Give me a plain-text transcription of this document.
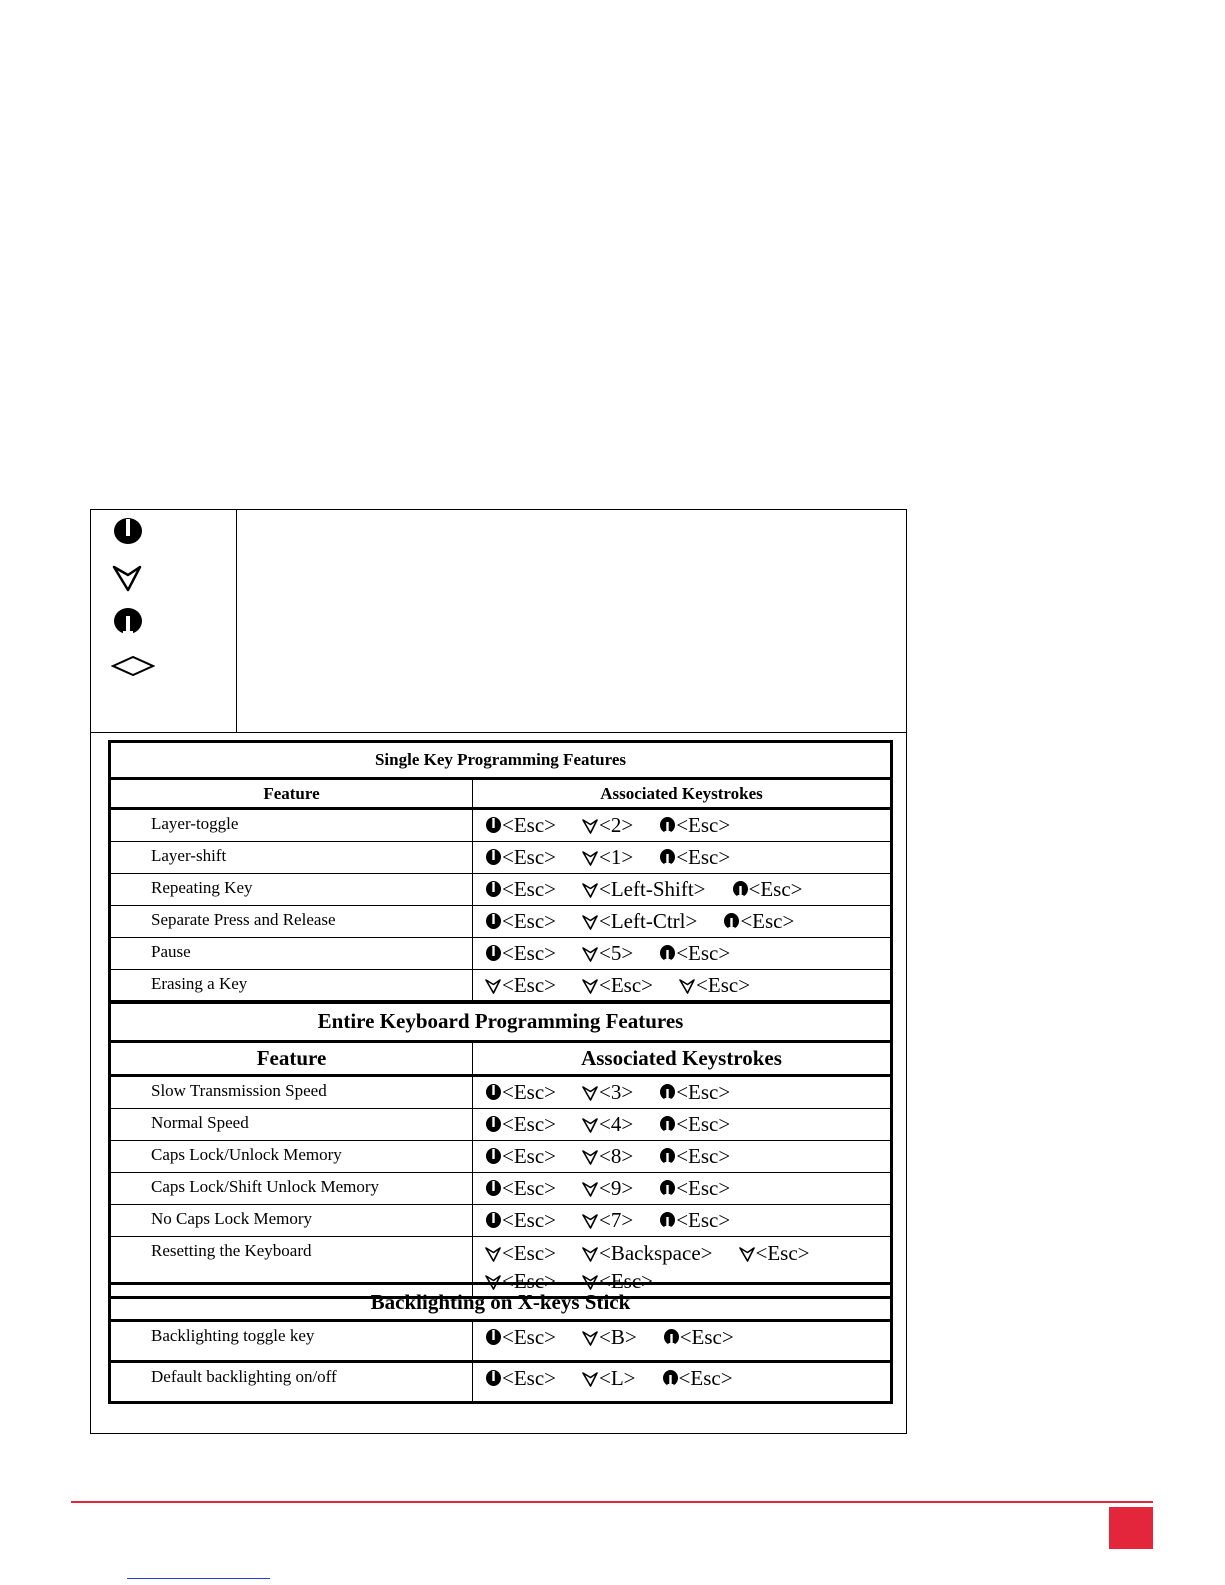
Single Key Programming Features	
Feature	Associated Keystrokes
Layer-toggle	<Esc> <2> <Esc>
Layer-shift	<Esc> <1> <Esc>
Repeating Key	<Esc> <Left-Shift> <Esc>
Separate Press and Release	<Esc> <Left-Ctrl> <Esc>
Pause	<Esc> <5> <Esc>
Erasing a Key	<Esc> <Esc> <Esc>
Entire Keyboard Programming Features	
Feature	Associated Keystrokes
Slow Transmission Speed	<Esc> <3> <Esc>
Normal Speed	<Esc> <4> <Esc>
Caps Lock/Unlock Memory	<Esc> <8> <Esc>
Caps Lock/Shift Unlock Memory	<Esc> <9> <Esc>
No Caps Lock Memory	<Esc> <7> <Esc>
Resetting the Keyboard	<Esc> <Backspace> <Esc><Esc> <Esc>
Backlighting on X-keys Stick	
Backlighting toggle key	<Esc> <B> <Esc>
Default backlighting on/off	<Esc> <L> <Esc>
